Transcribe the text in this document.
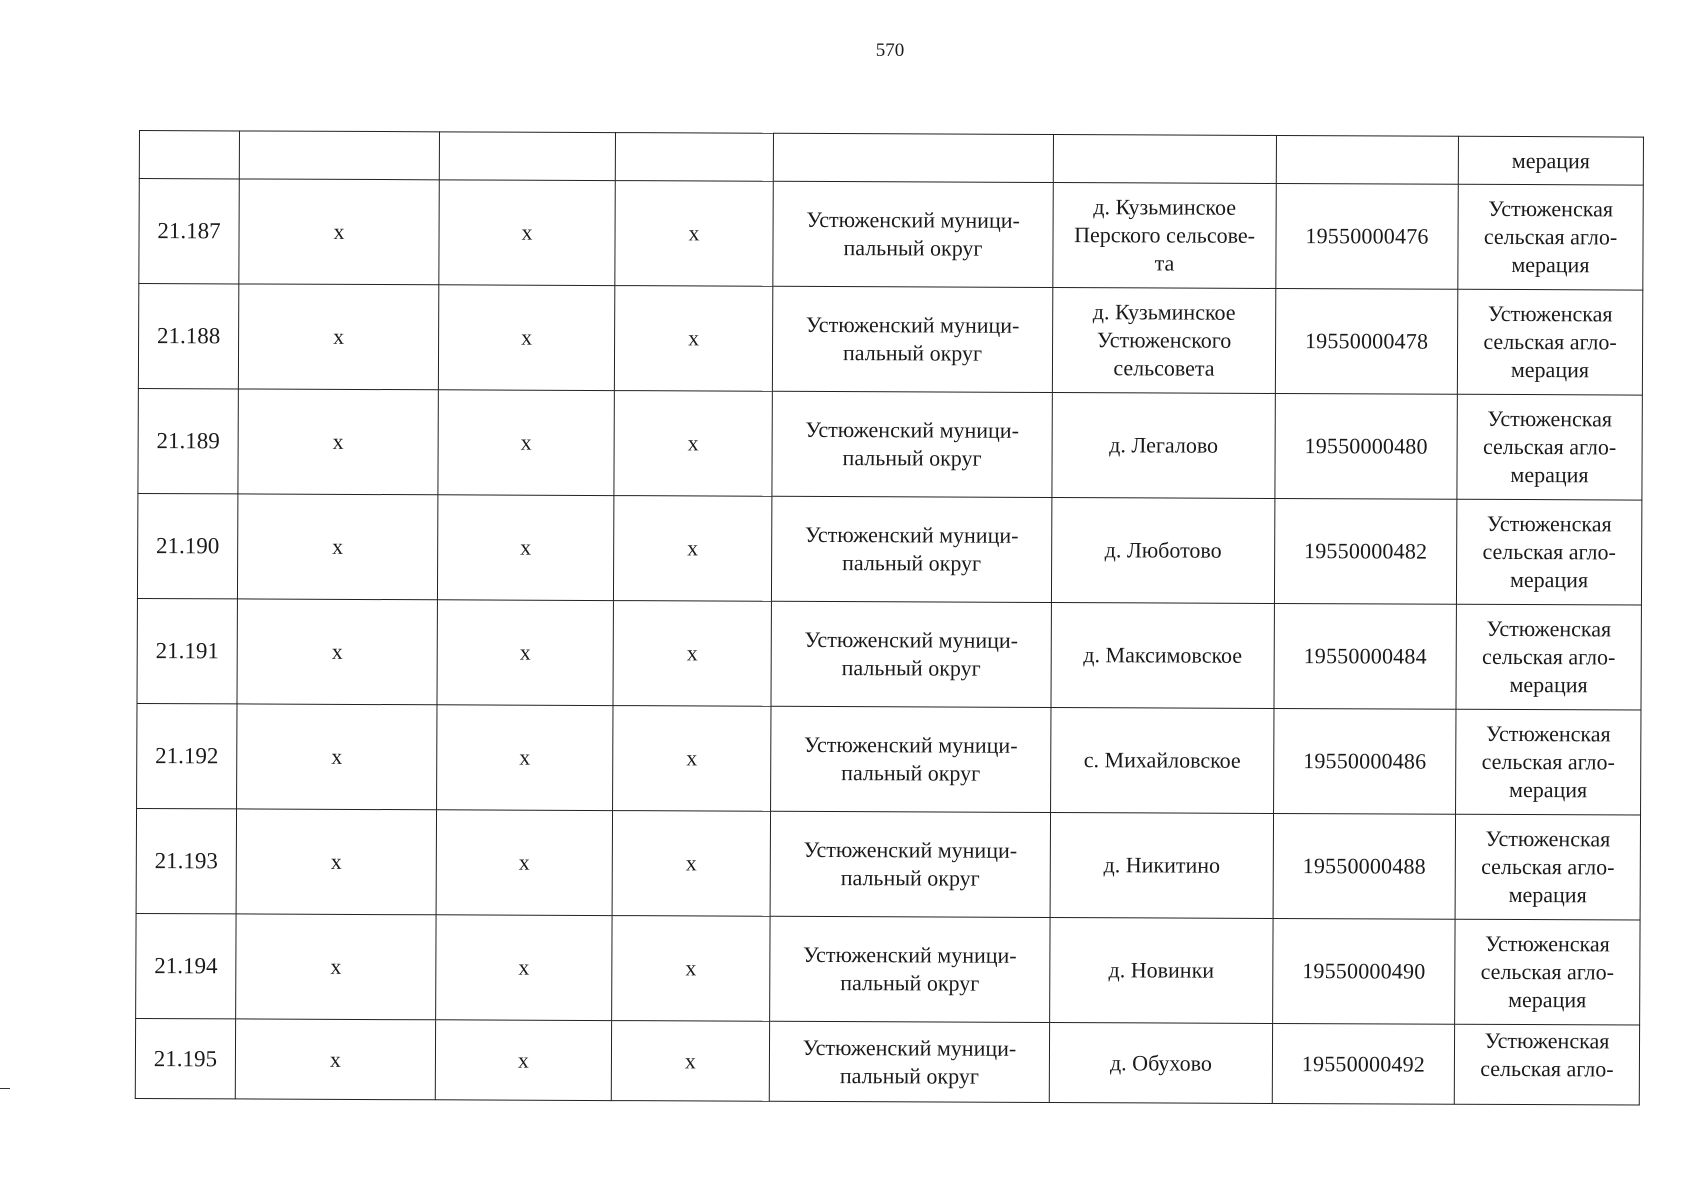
570
							мерация
21.187	х	х	х	Устюженский муници-
пальный округ	д. Кузьминское
Перского сельсове-
та	19550000476	Устюженская
сельская агло-
мерация
21.188	х	х	х	Устюженский муници-
пальный округ	д. Кузьминское
Устюженского
сельсовета	19550000478	Устюженская
сельская агло-
мерация
21.189	х	х	х	Устюженский муници-
пальный округ	д. Легалово	19550000480	Устюженская
сельская агло-
мерация
21.190	х	х	х	Устюженский муници-
пальный округ	д. Люботово	19550000482	Устюженская
сельская агло-
мерация
21.191	х	х	х	Устюженский муници-
пальный округ	д. Максимовское	19550000484	Устюженская
сельская агло-
мерация
21.192	х	х	х	Устюженский муници-
пальный округ	с. Михайловское	19550000486	Устюженская
сельская агло-
мерация
21.193	х	х	х	Устюженский муници-
пальный округ	д. Никитино	19550000488	Устюженская
сельская агло-
мерация
21.194	х	х	х	Устюженский муници-
пальный округ	д. Новинки	19550000490	Устюженская
сельская агло-
мерация
21.195	х	х	х	Устюженский муници-
пальный округ	д. Обухово	19550000492	Устюженская
сельская агло-
